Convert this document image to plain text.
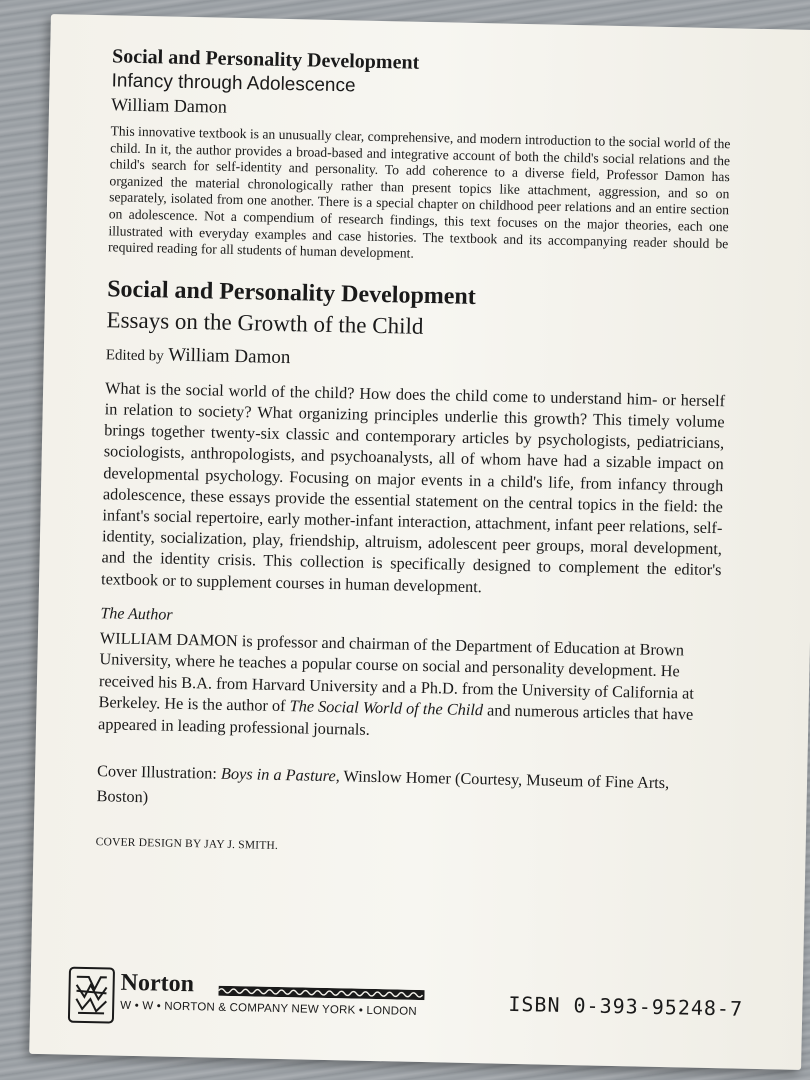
Social and Personality Development

Infancy through Adolescence

William Damon

This innovative textbook is an unusually clear, comprehensive, and modern introduction to the social world of the child. In it, the author provides a broad-based and integrative account of both the child's social relations and the child's search for self-identity and personality. To add coherence to a diverse field, Professor Damon has organized the material chronologically rather than present topics like attachment, aggression, and so on separately, isolated from one another. There is a special chapter on childhood peer relations and an entire section on adolescence. Not a compendium of research findings, this text focuses on the major theories, each one illustrated with everyday examples and case histories. The textbook and its accompanying reader should be required reading for all students of human development.

Social and Personality Development

Essays on the Growth of the Child

Edited by William Damon

What is the social world of the child? How does the child come to understand him- or herself in relation to society? What organizing principles underlie this growth? This timely volume brings together twenty-six classic and contemporary articles by psychologists, pediatricians, sociologists, anthropologists, and psychoanalysts, all of whom have had a sizable impact on developmental psychology. Focusing on major events in a child's life, from infancy through adolescence, these essays provide the essential statement on the central topics in the field: the infant's social repertoire, early mother-infant interaction, attachment, infant peer relations, self-identity, socialization, play, friendship, altruism, adolescent peer groups, moral development, and the identity crisis. This collection is specifically designed to complement the editor's textbook or to supplement courses in human development.

The Author

WILLIAM DAMON is professor and chairman of the Department of Education at Brown University, where he teaches a popular course on social and personality development. He received his B.A. from Harvard University and a Ph.D. from the University of California at Berkeley. He is the author of The Social World of the Child and numerous articles that have appeared in leading professional journals.

Cover Illustration: Boys in a Pasture, Winslow Homer (Courtesy, Museum of Fine Arts, Boston)

COVER DESIGN BY JAY J. SMITH.

Norton
W • W • NORTON & COMPANY NEW YORK • LONDON	ISBN 0-393-95248-7
